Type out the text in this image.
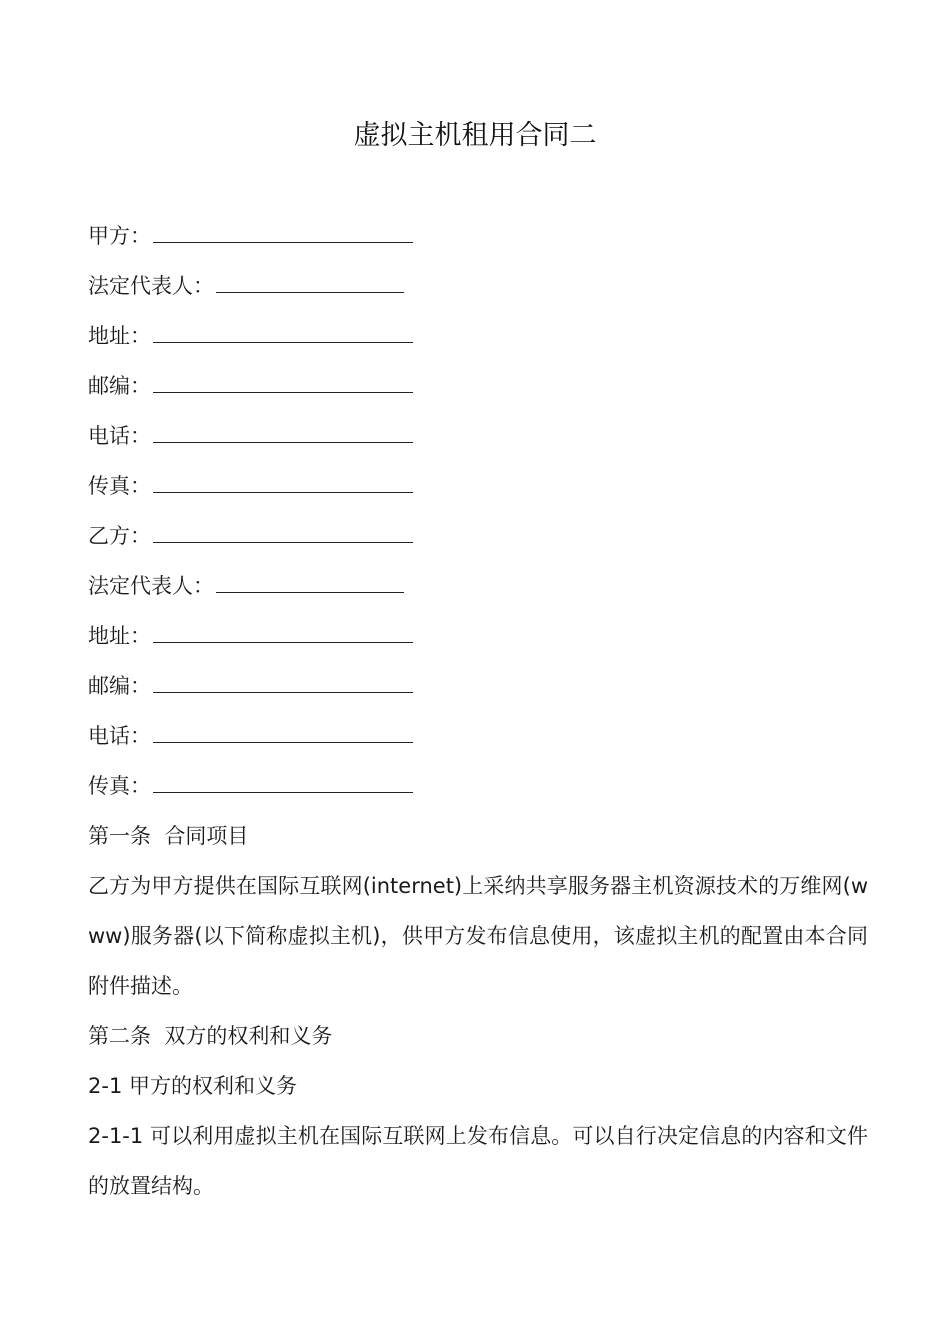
虚拟主机租用合同二
甲方：
法定代表人：
地址：
邮编：
电话：
传真：
乙方：
法定代表人：
地址：
邮编：
电话：
传真：
第一条  合同项目
乙方为甲方提供在国际互联网(internet)上采纳共享服务器主机资源技术的万维网(www)服务器(以下简称虚拟主机)，供甲方发布信息使用，该虚拟主机的配置由本合同附件描述。
第二条  双方的权利和义务
2-1 甲方的权利和义务
2-1-1 可以利用虚拟主机在国际互联网上发布信息。可以自行决定信息的内容和文件的放置结构。
